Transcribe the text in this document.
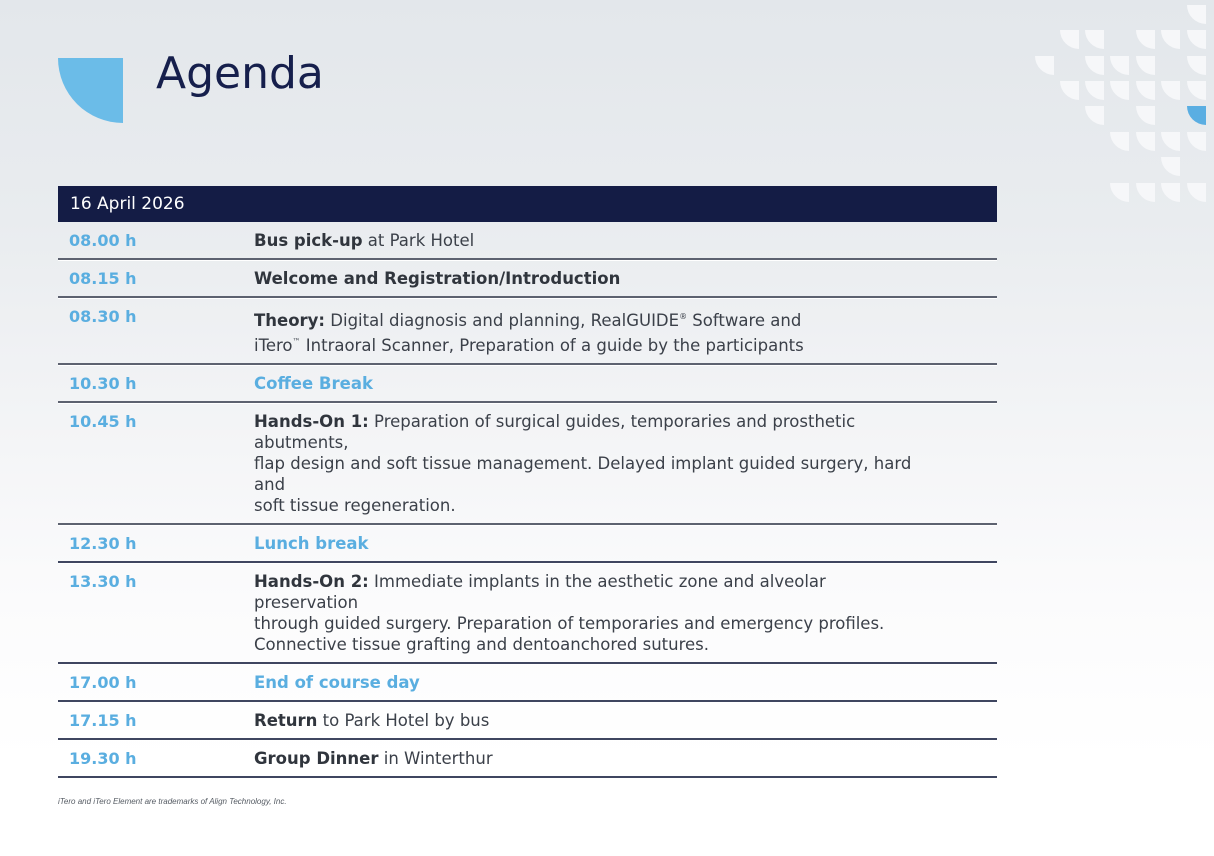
Agenda
16 April 2026
08.00 h	Bus pick-up at Park Hotel
08.15 h	Welcome and Registration/Introduction
08.30 h	Theory: Digital diagnosis and planning, RealGUIDE® Software and
iTero™ Intraoral Scanner, Preparation of a guide by the participants
10.30 h	Coffee Break
10.45 h	Hands-On 1: Preparation of surgical guides, temporaries and prosthetic abutments,
flap design and soft tissue management. Delayed implant guided surgery, hard and
soft tissue regeneration.
12.30 h	Lunch break
13.30 h	Hands-On 2: Immediate implants in the aesthetic zone and alveolar preservation
through guided surgery. Preparation of temporaries and emergency profiles.
Connective tissue grafting and dentoanchored sutures.
17.00 h	End of course day
17.15 h	Return to Park Hotel by bus
19.30 h	Group Dinner in Winterthur
iTero and iTero Element are trademarks of Align Technology, Inc.
